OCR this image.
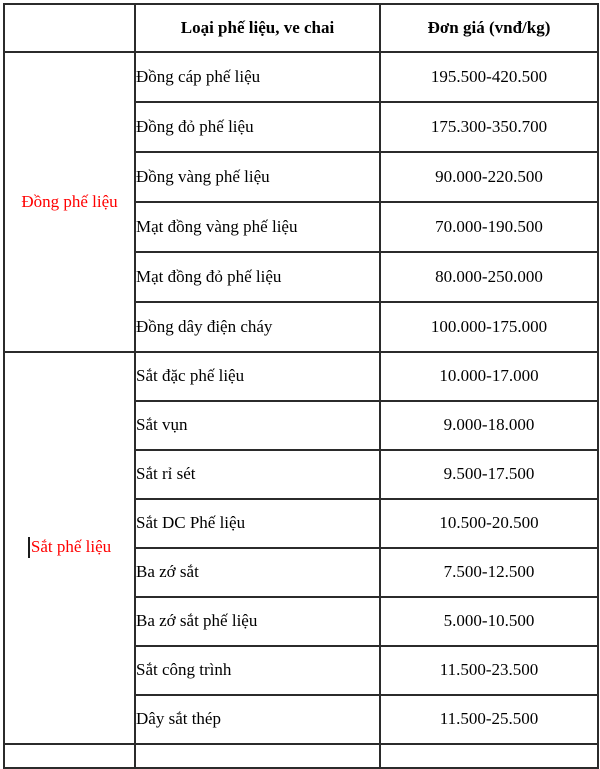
	Loại phế liệu, ve chai	Đơn giá (vnđ/kg)
Đồng phế liệu	Đồng cáp phế liệu	195.500-420.500
	Đồng đỏ phế liệu	175.300-350.700
	Đồng vàng phế liệu	90.000-220.500
	Mạt đồng vàng phế liệu	70.000-190.500
	Mạt đồng đỏ phế liệu	80.000-250.000
	Đồng dây điện cháy	100.000-175.000
Sắt phế liệu	Sắt đặc phế liệu	10.000-17.000
	Sắt vụn	9.000-18.000
	Sắt rỉ sét	9.500-17.500
	Sắt DC Phế liệu	10.500-20.500
	Ba zớ sắt	7.500-12.500
	Ba zớ sắt phế liệu	5.000-10.500
	Sắt công trình	11.500-23.500
	Dây sắt thép	11.500-25.500
